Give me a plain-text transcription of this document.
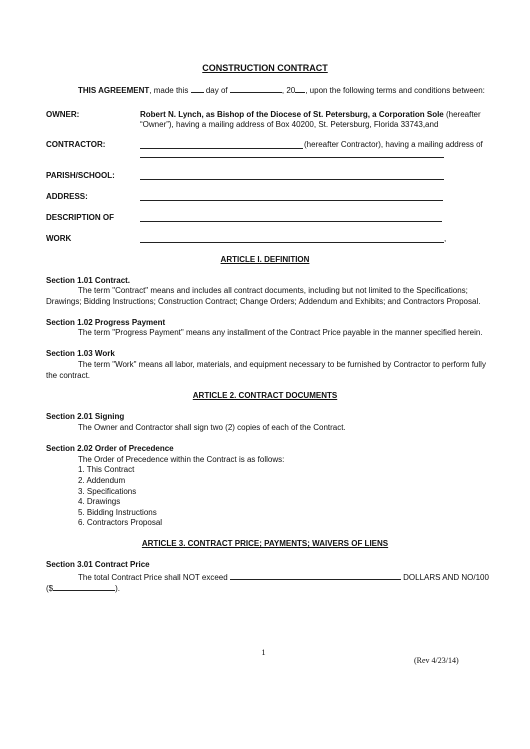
CONSTRUCTION CONTRACT
THIS AGREEMENT, made this  day of	, 20 , upon the following terms and conditions between:
OWNER:	Robert N. Lynch, as Bishop of the Diocese of St. Petersburg, a Corporation Sole (hereafter
“Owner”), having a mailing address of Box 40200, St. Petersburg, Florida 33743,and
CONTRACTOR:	(hereafter Contractor), having a mailing address of
PARISH/SCHOOL:
ADDRESS:
DESCRIPTION OF
WORK	,
ARTICLE I. DEFINITION
Section 1.01 Contract.
The term "Contract" means and includes all contract documents, including but not limited to the Specifications;
Drawings; Bidding Instructions; Construction Contract; Change Orders; Addendum and Exhibits; and Contractors Proposal.
Section 1.02 Progress Payment
The term "Progress Payment" means any installment of the Contract Price payable in the manner specified herein.
Section 1.03 Work
The term "Work" means all labor, materials, and equipment necessary to be furnished by Contractor to perform fully
the contract.
ARTICLE 2. CONTRACT DOCUMENTS
Section 2.01 Signing
The Owner and Contractor shall sign two (2) copies of each of the Contract.
Section 2.02 Order of Precedence
The Order of Precedence within the Contract is as follows:
1. This Contract
2. Addendum
3. Specifications
4. Drawings
5. Bidding Instructions
6. Contractors Proposal
ARTICLE 3. CONTRACT PRICE; PAYMENTS; WAIVERS OF LIENS
Section 3.01 Contract Price
The total Contract Price shall NOT exceed	DOLLARS AND NO/100
($	).
1
(Rev 4/23/14)
